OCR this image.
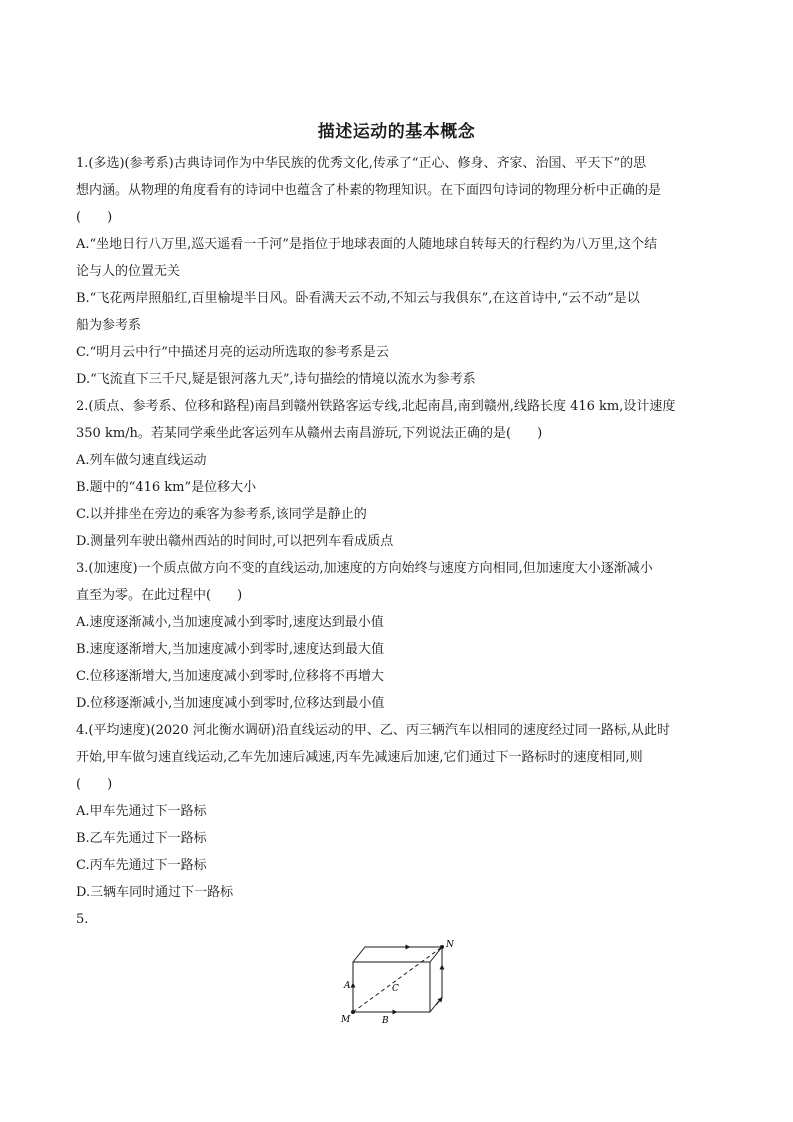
描述运动的基本概念
1.(多选)(参考系)古典诗词作为中华民族的优秀文化,传承了“正心、修身、齐家、治国、平天下”的思
想内涵。从物理的角度看有的诗词中也蕴含了朴素的物理知识。在下面四句诗词的物理分析中正确的是
(　　)
A.“坐地日行八万里,巡天遥看一千河”是指位于地球表面的人随地球自转每天的行程约为八万里,这个结
论与人的位置无关
B.“飞花两岸照船红,百里榆堤半日风。卧看满天云不动,不知云与我俱东”,在这首诗中,“云不动”是以
船为参考系
C.“明月云中行”中描述月亮的运动所选取的参考系是云
D.“飞流直下三千尺,疑是银河落九天”,诗句描绘的情境以流水为参考系
2.(质点、参考系、位移和路程)南昌到赣州铁路客运专线,北起南昌,南到赣州,线路长度 416 km,设计速度
350 km/h。若某同学乘坐此客运列车从赣州去南昌游玩,下列说法正确的是(　　)
A.列车做匀速直线运动
B.题中的“416 km”是位移大小
C.以并排坐在旁边的乘客为参考系,该同学是静止的
D.测量列车驶出赣州西站的时间时,可以把列车看成质点
3.(加速度)一个质点做方向不变的直线运动,加速度的方向始终与速度方向相同,但加速度大小逐渐减小
直至为零。在此过程中(　　)
A.速度逐渐减小,当加速度减小到零时,速度达到最小值
B.速度逐渐增大,当加速度减小到零时,速度达到最大值
C.位移逐渐增大,当加速度减小到零时,位移将不再增大
D.位移逐渐减小,当加速度减小到零时,位移达到最小值
4.(平均速度)(2020 河北衡水调研)沿直线运动的甲、乙、丙三辆汽车以相同的速度经过同一路标,从此时
开始,甲车做匀速直线运动,乙车先加速后减速,丙车先减速后加速,它们通过下一路标时的速度相同,则
(　　)
A.甲车先通过下一路标
B.乙车先通过下一路标
C.丙车先通过下一路标
D.三辆车同时通过下一路标
5.
N
M
A
B
C
